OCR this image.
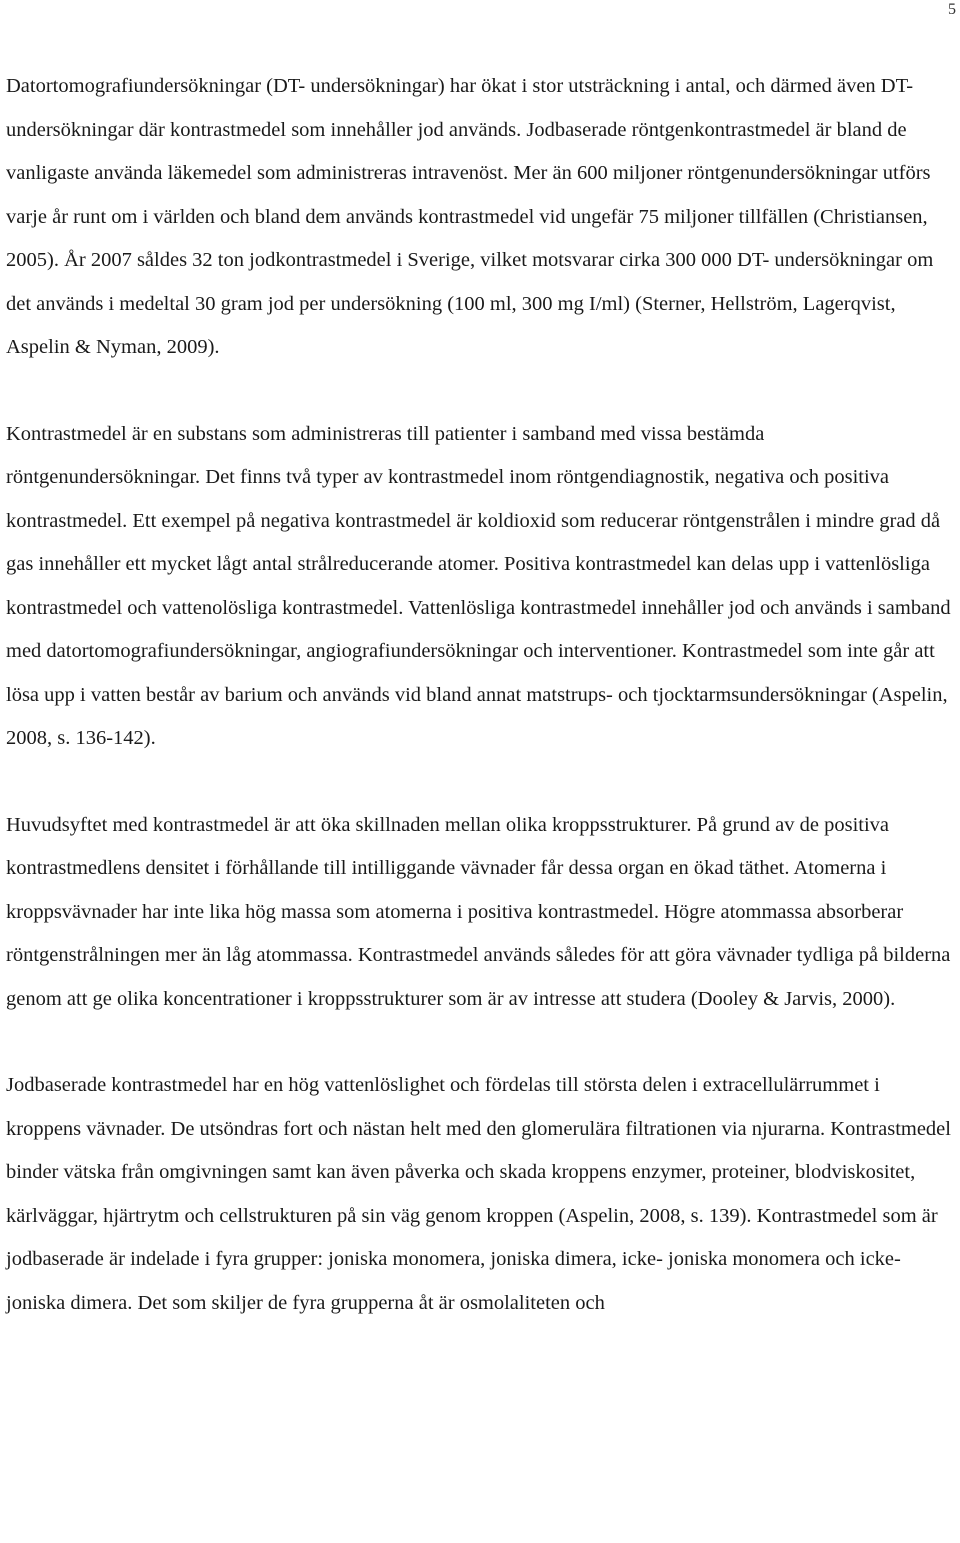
5

Datortomografiundersökningar (DT- undersökningar) har ökat i stor utsträckning i antal, och därmed även DT- undersökningar där kontrastmedel som innehåller jod används. Jodbaserade röntgenkontrastmedel är bland de vanligaste använda läkemedel som administreras intravenöst. Mer än 600 miljoner röntgenundersökningar utförs varje år runt om i världen och bland dem används kontrastmedel vid ungefär 75 miljoner tillfällen (Christiansen, 2005). År 2007 såldes 32 ton jodkontrastmedel i Sverige, vilket motsvarar cirka 300 000 DT- undersökningar om det används i medeltal 30 gram jod per undersökning (100 ml, 300 mg I/ml) (Sterner, Hellström, Lagerqvist, Aspelin & Nyman, 2009).

Kontrastmedel är en substans som administreras till patienter i samband med vissa bestämda röntgenundersökningar. Det finns två typer av kontrastmedel inom röntgendiagnostik, negativa och positiva kontrastmedel. Ett exempel på negativa kontrastmedel är koldioxid som reducerar röntgenstrålen i mindre grad då gas innehåller ett mycket lågt antal strålreducerande atomer. Positiva kontrastmedel kan delas upp i vattenlösliga kontrastmedel och vattenolösliga kontrastmedel. Vattenlösliga kontrastmedel innehåller jod och används i samband med datortomografiundersökningar, angiografiundersökningar och interventioner. Kontrastmedel som inte går att lösa upp i vatten består av barium och används vid bland annat matstrups- och tjocktarmsundersökningar (Aspelin, 2008, s. 136-142).

Huvudsyftet med kontrastmedel är att öka skillnaden mellan olika kroppsstrukturer. På grund av de positiva kontrastmedlens densitet i förhållande till intilliggande vävnader får dessa organ en ökad täthet. Atomerna i kroppsvävnader har inte lika hög massa som atomerna i positiva kontrastmedel. Högre atommassa absorberar röntgenstrålningen mer än låg atommassa. Kontrastmedel används således för att göra vävnader tydliga på bilderna genom att ge olika koncentrationer i kroppsstrukturer som är av intresse att studera (Dooley & Jarvis, 2000).

Jodbaserade kontrastmedel har en hög vattenlöslighet och fördelas till största delen i extracellulärrummet i kroppens vävnader. De utsöndras fort och nästan helt med den glomerulära filtrationen via njurarna. Kontrastmedel binder vätska från omgivningen samt kan även påverka och skada kroppens enzymer, proteiner, blodviskositet, kärlväggar, hjärtrytm och cellstrukturen på sin väg genom kroppen (Aspelin, 2008, s. 139). Kontrastmedel som är jodbaserade är indelade i fyra grupper: joniska monomera, joniska dimera, icke- joniska monomera och icke- joniska dimera. Det som skiljer de fyra grupperna åt är osmolaliteten och
